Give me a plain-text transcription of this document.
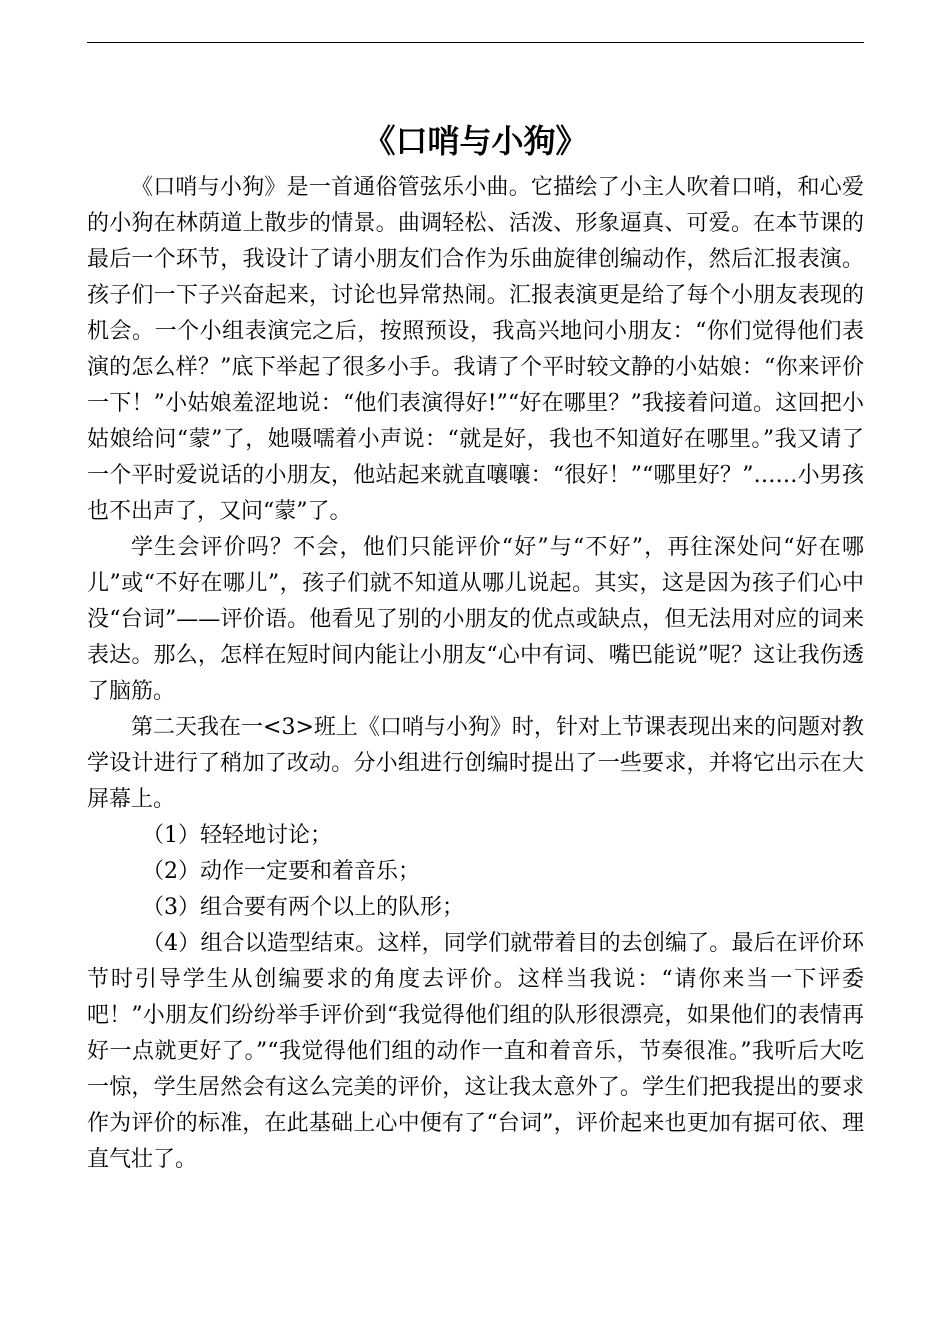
《口哨与小狗》

《口哨与小狗》是一首通俗管弦乐小曲。它描绘了小主人吹着口哨，和心爱的小狗在林荫道上散步的情景。曲调轻松、活泼、形象逼真、可爱。在本节课的最后一个环节，我设计了请小朋友们合作为乐曲旋律创编动作，然后汇报表演。孩子们一下子兴奋起来，讨论也异常热闹。汇报表演更是给了每个小朋友表现的机会。一个小组表演完之后，按照预设，我高兴地问小朋友：“你们觉得他们表演的怎么样？”底下举起了很多小手。我请了个平时较文静的小姑娘：“你来评价一下！”小姑娘羞涩地说：“他们表演得好!”“好在哪里？”我接着问道。这回把小姑娘给问“蒙”了，她嗫嚅着小声说：“就是好，我也不知道好在哪里。”我又请了一个平时爱说话的小朋友，他站起来就直嚷嚷：“很好！”“哪里好？”……小男孩也不出声了，又问“蒙”了。

学生会评价吗？不会，他们只能评价“好”与“不好”，再往深处问“好在哪儿”或“不好在哪儿”，孩子们就不知道从哪儿说起。其实，这是因为孩子们心中没“台词”——评价语。他看见了别的小朋友的优点或缺点，但无法用对应的词来表达。那么，怎样在短时间内能让小朋友“心中有词、嘴巴能说”呢？这让我伤透了脑筋。

第二天我在一<3>班上《口哨与小狗》时，针对上节课表现出来的问题对教学设计进行了稍加了改动。分小组进行创编时提出了一些要求，并将它出示在大屏幕上。

（1）轻轻地讨论；

（2）动作一定要和着音乐；

（3）组合要有两个以上的队形；

（4）组合以造型结束。这样，同学们就带着目的去创编了。最后在评价环节时引导学生从创编要求的角度去评价。这样当我说：“请你来当一下评委吧！”小朋友们纷纷举手评价到“我觉得他们组的队形很漂亮，如果他们的表情再好一点就更好了。”“我觉得他们组的动作一直和着音乐，节奏很准。”我听后大吃一惊，学生居然会有这么完美的评价，这让我太意外了。学生们把我提出的要求作为评价的标准，在此基础上心中便有了“台词”，评价起来也更加有据可依、理直气壮了。
